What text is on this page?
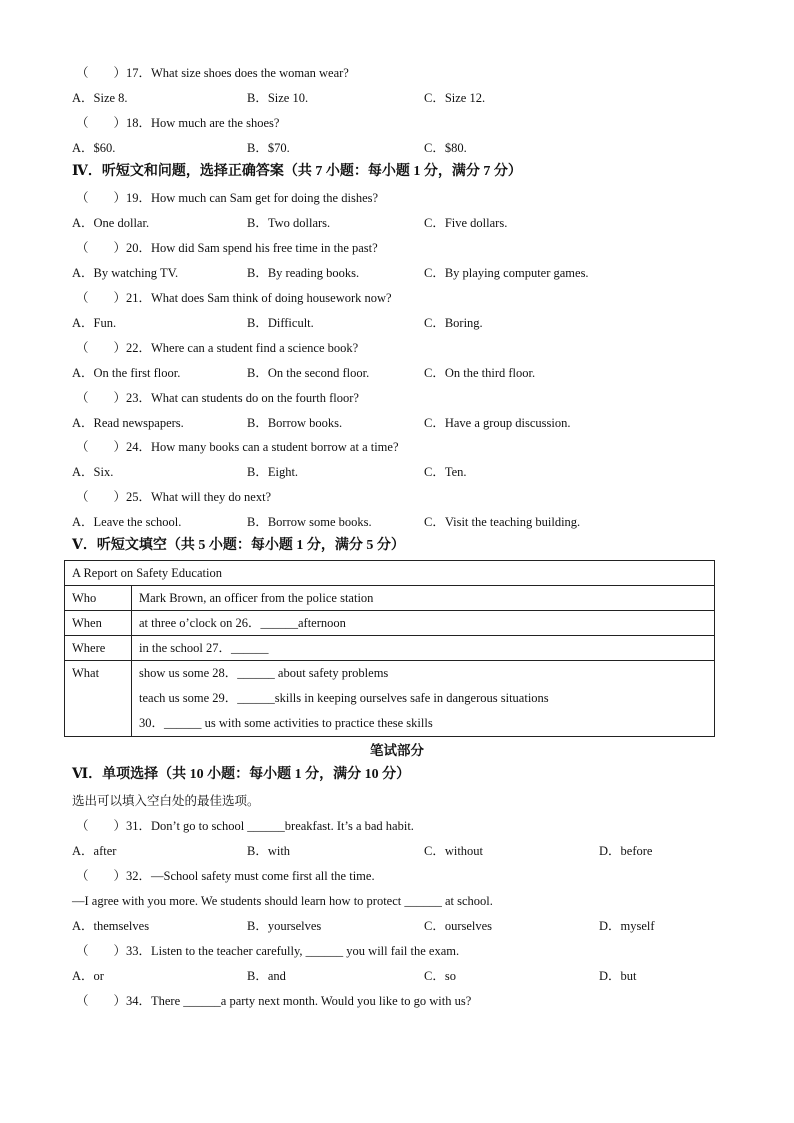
（　　）17．What size shoes does the woman wear?
A．Size 8.	B．Size 10.	C．Size 12.
（　　）18．How much are the shoes?
A．$60.	B．$70.	C．$80.
Ⅳ．听短文和问题，选择正确答案（共 7 小题：每小题 1 分，满分 7 分）
（　　）19．How much can Sam get for doing the dishes?
A．One dollar.	B．Two dollars.	C．Five dollars.
（　　）20．How did Sam spend his free time in the past?
A．By watching TV.	B．By reading books.	C．By playing computer games.
（　　）21．What does Sam think of doing housework now?
A．Fun.	B．Difficult.	C．Boring.
（　　）22．Where can a student find a science book?
A．On the first floor.	B．On the second floor.	C．On the third floor.
（　　）23．What can students do on the fourth floor?
A．Read newspapers.	B．Borrow books.	C．Have a group discussion.
（　　）24．How many books can a student borrow at a time?
A．Six.	B．Eight.	C．Ten.
（　　）25．What will they do next?
A．Leave the school.	B．Borrow some books.	C．Visit the teaching building.
Ⅴ．听短文填空（共 5 小题：每小题 1 分，满分 5 分）
A Report on Safety Education	
Who	Mark Brown, an officer from the police station
When	at three o’clock on 26．______afternoon
Where	in the school 27．______
What	show us some 28．______ about safety problems
teach us some 29．______skills in keeping ourselves safe in dangerous situations
30．______ us with some activities to practice these skills
笔试部分
Ⅵ．单项选择（共 10 小题：每小题 1 分，满分 10 分）
选出可以填入空白处的最佳选项。
（　　）31．Don’t go to school ______breakfast. It’s a bad habit.
A．after	B．with	C．without	D．before
（　　）32．—School safety must come first all the time.
—I agree with you more. We students should learn how to protect ______ at school.
A．themselves	B．yourselves	C．ourselves	D．myself
（　　）33．Listen to the teacher carefully, ______ you will fail the exam.
A．or	B．and	C．so	D．but
（　　）34．There ______a party next month. Would you like to go with us?
